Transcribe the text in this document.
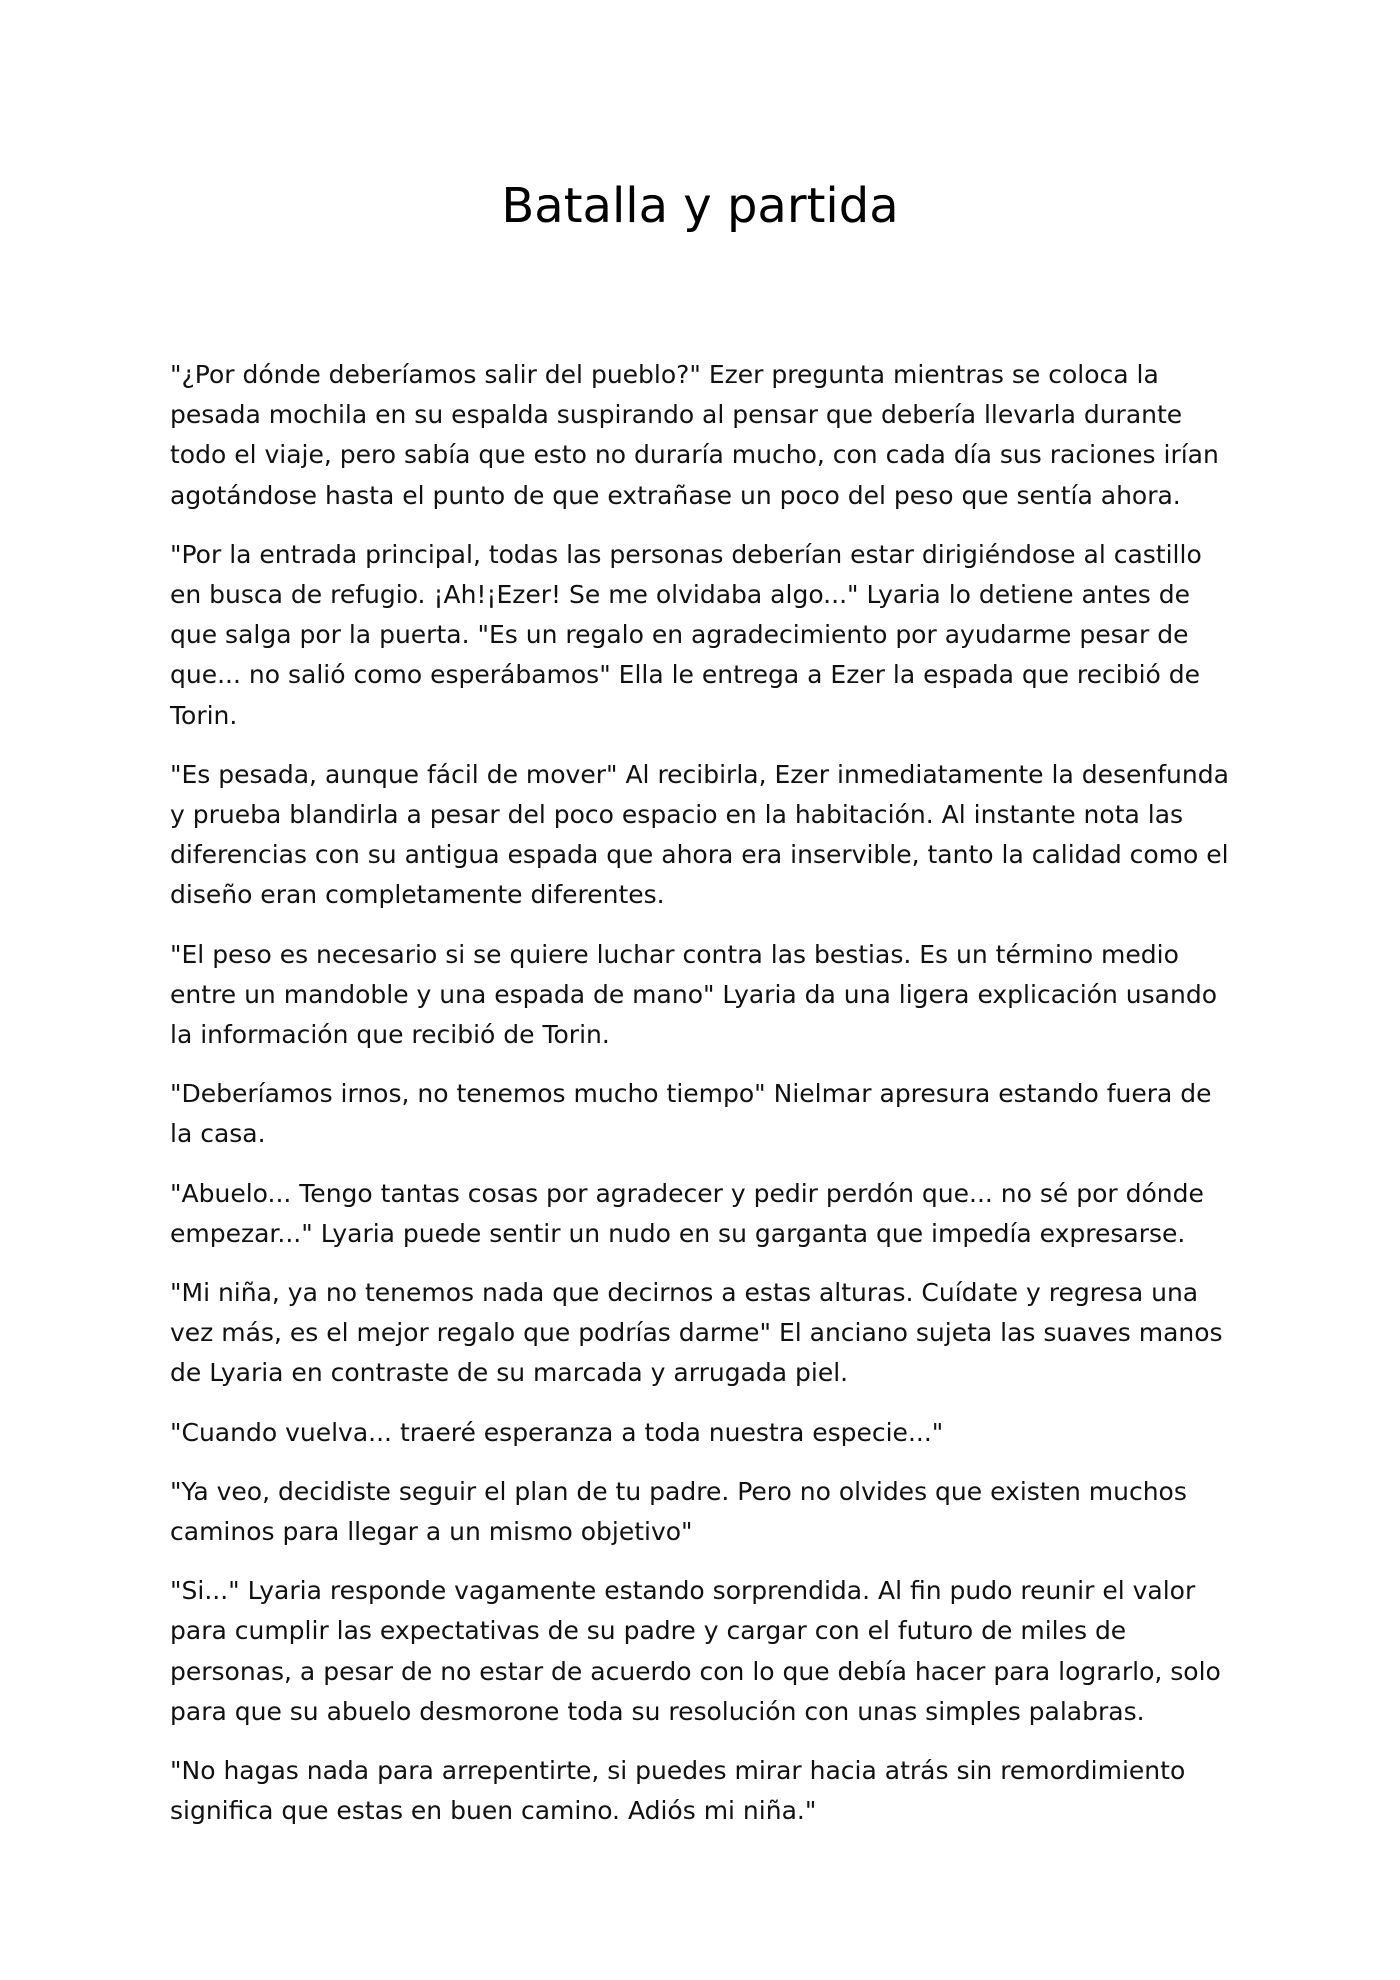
Batalla y partida

"¿Por dónde deberíamos salir del pueblo?" Ezer pregunta mientras se coloca la pesada mochila en su espalda suspirando al pensar que debería llevarla durante todo el viaje, pero sabía que esto no duraría mucho, con cada día sus raciones irían agotándose hasta el punto de que extrañase un poco del peso que sentía ahora.

"Por la entrada principal, todas las personas deberían estar dirigiéndose al castillo en busca de refugio. ¡Ah!¡Ezer! Se me olvidaba algo..." Lyaria lo detiene antes de que salga por la puerta. "Es un regalo en agradecimiento por ayudarme pesar de que... no salió como esperábamos" Ella le entrega a Ezer la espada que recibió de Torin.

"Es pesada, aunque fácil de mover" Al recibirla, Ezer inmediatamente la desenfunda y prueba blandirla a pesar del poco espacio en la habitación. Al instante nota las diferencias con su antigua espada que ahora era inservible, tanto la calidad como el diseño eran completamente diferentes.

"El peso es necesario si se quiere luchar contra las bestias. Es un término medio entre un mandoble y una espada de mano" Lyaria da una ligera explicación usando la información que recibió de Torin.

"Deberíamos irnos, no tenemos mucho tiempo" Nielmar apresura estando fuera de la casa.

"Abuelo... Tengo tantas cosas por agradecer y pedir perdón que... no sé por dónde empezar..." Lyaria puede sentir un nudo en su garganta que impedía expresarse.

"Mi niña, ya no tenemos nada que decirnos a estas alturas. Cuídate y regresa una vez más, es el mejor regalo que podrías darme" El anciano sujeta las suaves manos de Lyaria en contraste de su marcada y arrugada piel.

"Cuando vuelva... traeré esperanza a toda nuestra especie..."

"Ya veo, decidiste seguir el plan de tu padre. Pero no olvides que existen muchos caminos para llegar a un mismo objetivo"

"Si..." Lyaria responde vagamente estando sorprendida. Al fin pudo reunir el valor para cumplir las expectativas de su padre y cargar con el futuro de miles de personas, a pesar de no estar de acuerdo con lo que debía hacer para lograrlo, solo para que su abuelo desmorone toda su resolución con unas simples palabras.

"No hagas nada para arrepentirte, si puedes mirar hacia atrás sin remordimiento significa que estas en buen camino. Adiós mi niña."
